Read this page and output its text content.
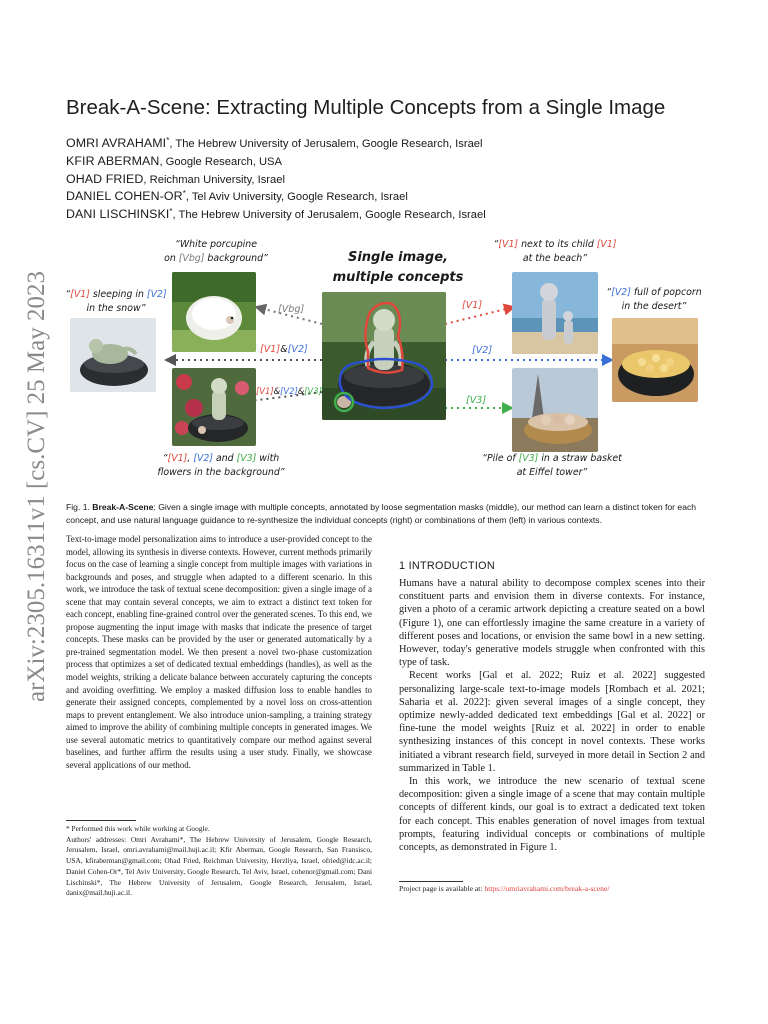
arXiv:2305.16311v1 [cs.CV] 25 May 2023
Break-A-Scene: Extracting Multiple Concepts from a Single Image
OMRI AVRAHAMI*, The Hebrew University of Jerusalem, Google Research, Israel
KFIR ABERMAN, Google Research, USA
OHAD FRIED, Reichman University, Israel
DANIEL COHEN-OR*, Tel Aviv University, Google Research, Israel
DANI LISCHINSKI*, The Hebrew University of Jerusalem, Google Research, Israel
“White porcupine
on [Vbg] background”
“[V1] sleeping in [V2]
in the snow”
“[V1], [V2] and [V3] with
flowers in the background”
“[V1] next to its child [V1]
at the beach”
“[V2] full of popcorn
in the desert”
“Pile of [V3] in a straw basket
at Eiffel tower”
Single image,
multiple concepts
[Vbg]
[V1]&[V2]
[V1]&[V2]&[V3]
[V1]
[V2]
[V3]
Fig. 1. Break-A-Scene: Given a single image with multiple concepts, annotated by loose segmentation masks (middle), our method can learn a distinct token for each concept, and use natural language guidance to re-synthesize the individual concepts (right) or combinations of them (left) in various contexts.

Text-to-image model personalization aims to introduce a user-provided concept to the model, allowing its synthesis in diverse contexts. However, current methods primarily focus on the case of learning a single concept from multiple images with variations in backgrounds and poses, and struggle when adapted to a different scenario. In this work, we introduce the task of textual scene decomposition: given a single image of a scene that may contain several concepts, we aim to extract a distinct text token for each concept, enabling fine-grained control over the generated scenes. To this end, we propose augmenting the input image with masks that indicate the presence of target concepts. These masks can be provided by the user or generated automatically by a pre-trained segmentation model. We then present a novel two-phase customization process that optimizes a set of dedicated textual embeddings (handles), as well as the model weights, striking a delicate balance between accurately capturing the concepts and avoiding overfitting. We employ a masked diffusion loss to enable handles to generate their assigned concepts, complemented by a novel loss on cross-attention maps to prevent entanglement. We also introduce union-sampling, a training strategy aimed to improve the ability of combining multiple concepts in generated images. We use several automatic metrics to quantitatively compare our method against several baselines, and further affirm the results using a user study. Finally, we showcase several applications of our method.

* Performed this work while working at Google.

Authors' addresses: Omri Avrahami*, The Hebrew University of Jerusalem, Google Research, Jerusalem, Israel, omri.avrahami@mail.huji.ac.il; Kfir Aberman, Google Research, San Fransisco, USA, kfiraberman@gmail.com; Ohad Fried, Reichman University, Herzliya, Israel, ofried@idc.ac.il; Daniel Cohen-Or*, Tel Aviv University, Google Research, Tel Aviv, Israel, cohenor@gmail.com; Dani Lischinski*, The Hebrew University of Jerusalem, Google Research, Jerusalem, Israel, danix@mail.huji.ac.il.

1 INTRODUCTION

Humans have a natural ability to decompose complex scenes into their constituent parts and envision them in diverse contexts. For instance, given a photo of a ceramic artwork depicting a creature seated on a bowl (Figure 1), one can effortlessly imagine the same creature in a variety of different poses and locations, or envision the same bowl in a new setting. However, today's generative models struggle when confronted with this type of task.

Recent works [Gal et al. 2022; Ruiz et al. 2022] suggested personalizing large-scale text-to-image models [Rombach et al. 2021; Saharia et al. 2022]: given several images of a single concept, they optimize newly-added dedicated text embeddings [Gal et al. 2022] or fine-tune the model weights [Ruiz et al. 2022] in order to enable synthesizing instances of this concept in novel contexts. These works initiated a vibrant research field, surveyed in more detail in Section 2 and summarized in Table 1.

In this work, we introduce the new scenario of textual scene decomposition: given a single image of a scene that may contain multiple concepts of different kinds, our goal is to extract a dedicated text token for each concept. This enables generation of novel images from textual prompts, featuring individual concepts or combinations of multiple concepts, as demonstrated in Figure 1.

Project page is available at: https://omriavrahami.com/break-a-scene/
